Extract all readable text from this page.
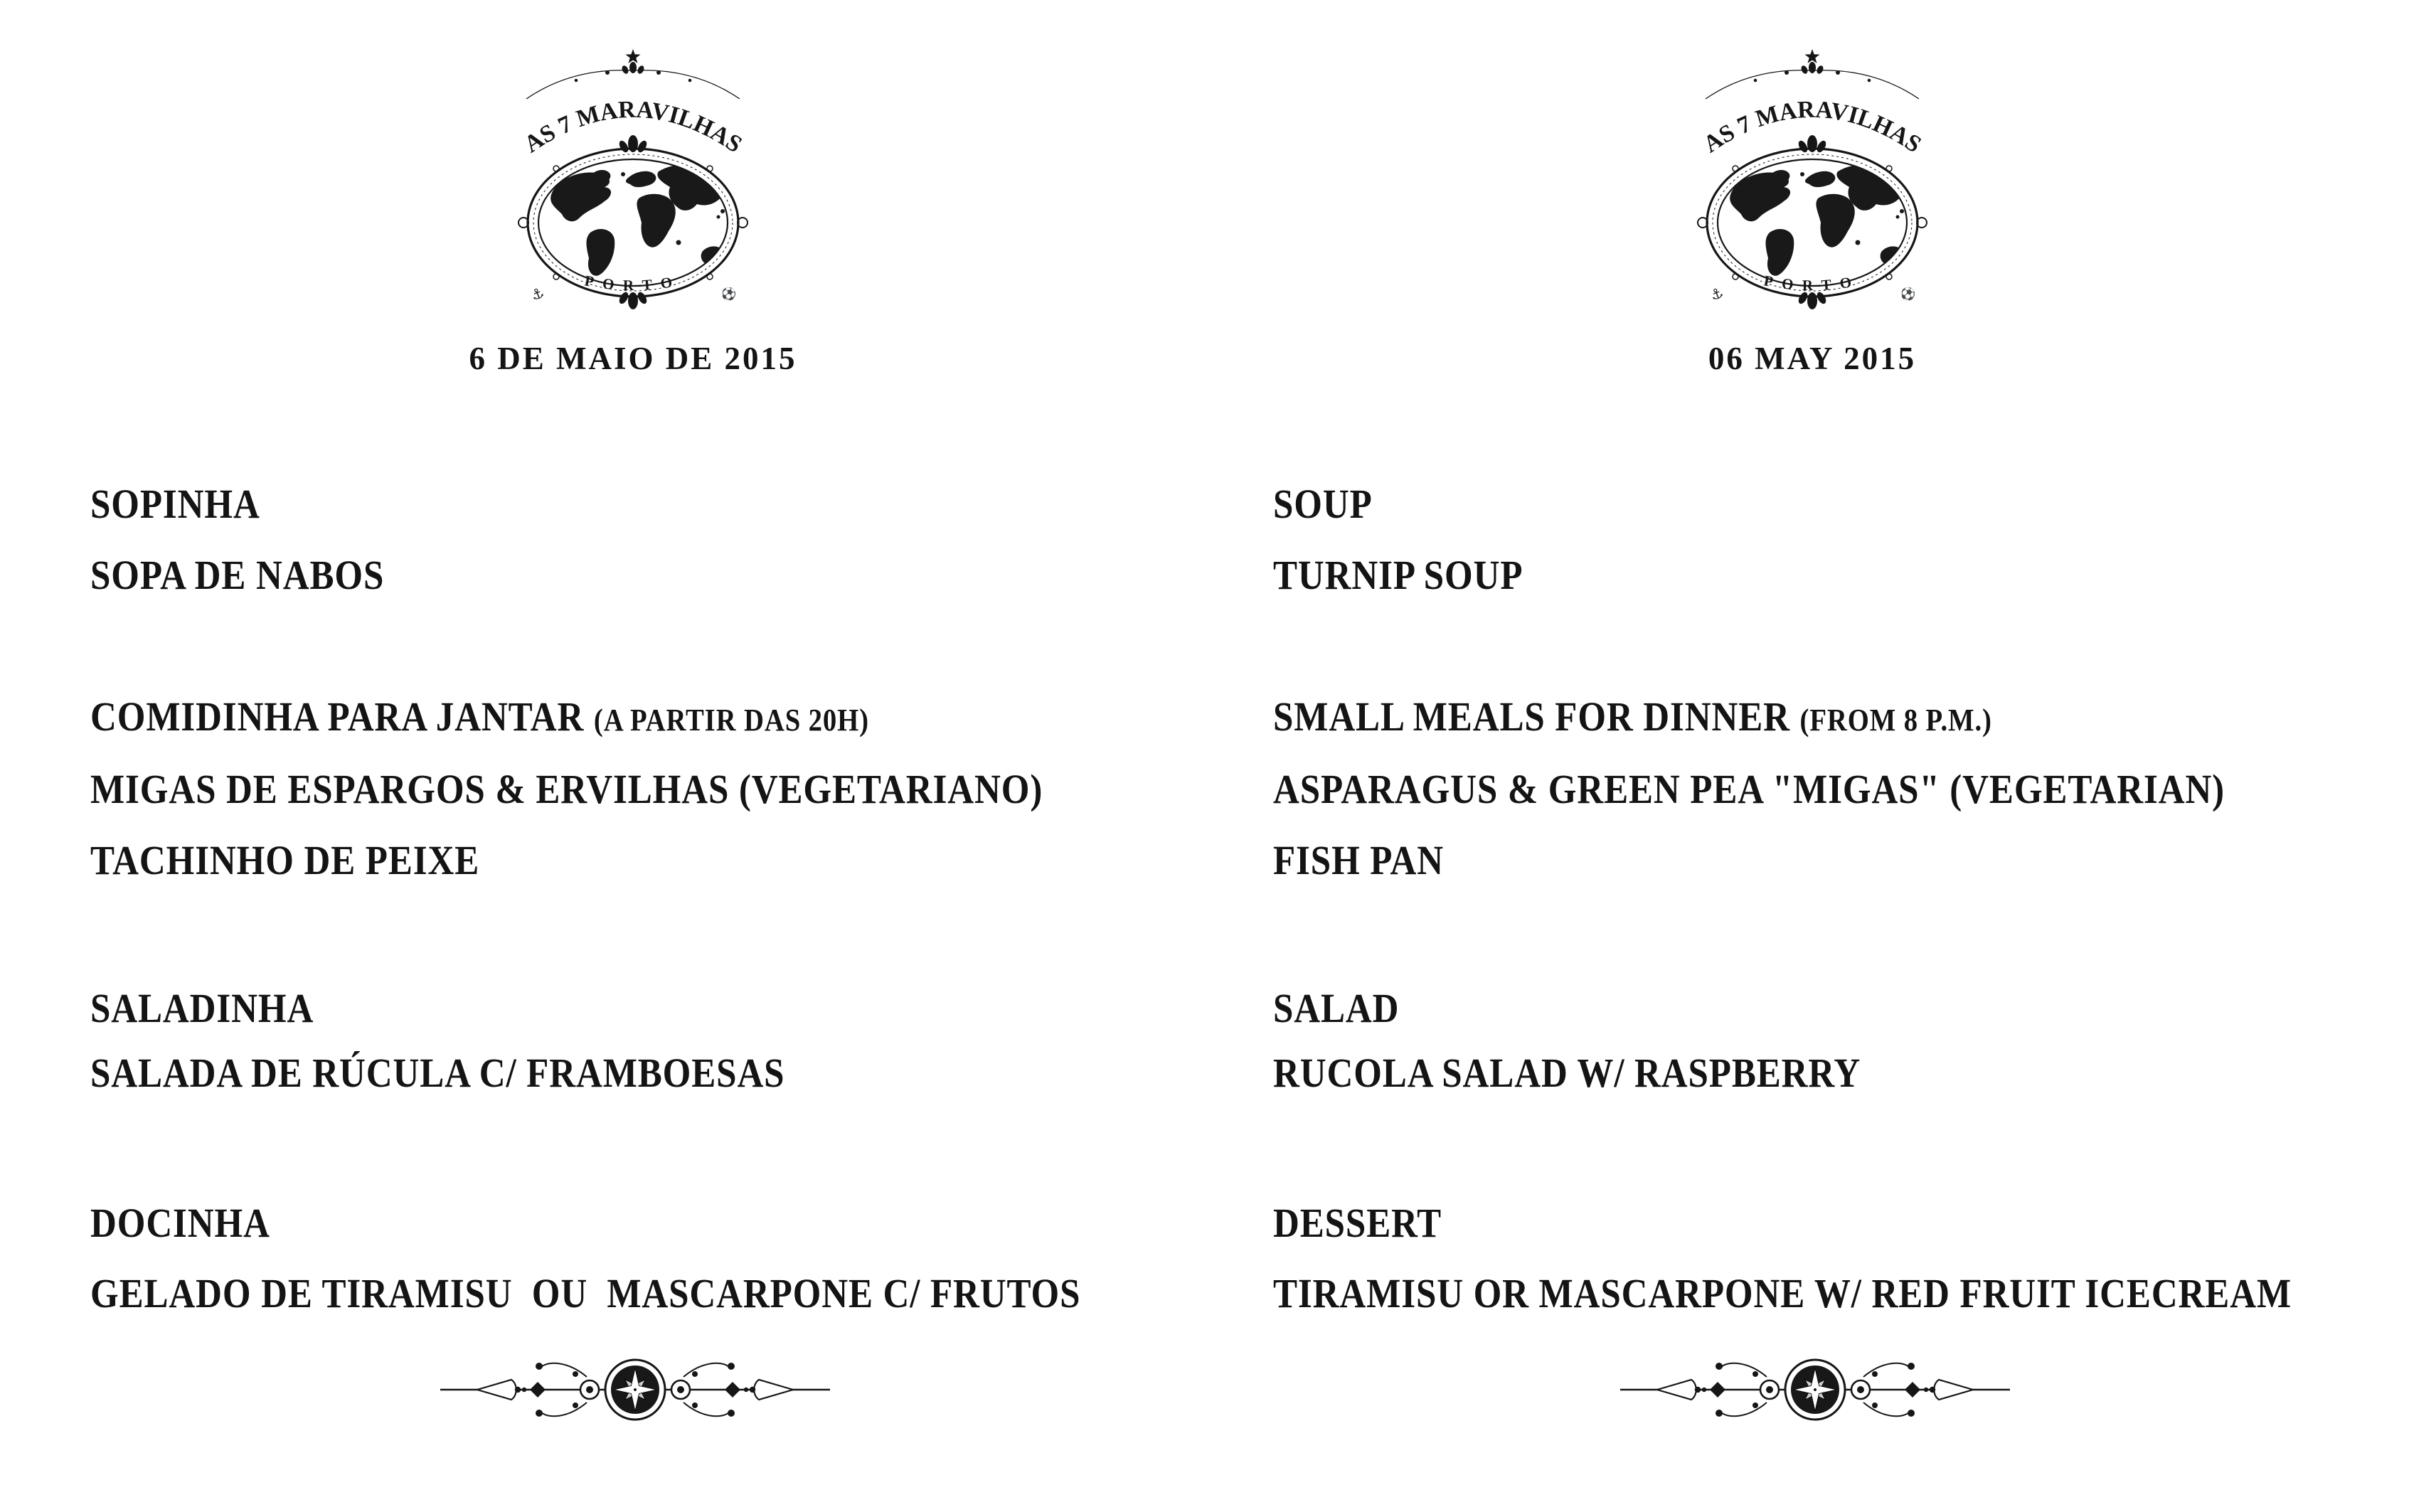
AS 7 MARAVILHAS
PORTO
⚓	⚽
6 DE MAIO DE 2015
SOPINHA
SOPA DE NABOS
COMIDINHA PARA JANTAR (A PARTIR DAS 20H)
MIGAS DE ESPARGOS & ERVILHAS (VEGETARIANO)
TACHINHO DE PEIXE
SALADINHA
SALADA DE RÚCULA C/ FRAMBOESAS
DOCINHA
GELADO DE TIRAMISU  OU  MASCARPONE C/ FRUTOS
AS 7 MARAVILHAS
PORTO
⚓	⚽
06 MAY 2015
SOUP
TURNIP SOUP
SMALL MEALS FOR DINNER (FROM 8 P.M.)
ASPARAGUS & GREEN PEA "MIGAS" (VEGETARIAN)
FISH PAN
SALAD
RUCOLA SALAD W/ RASPBERRY
DESSERT
TIRAMISU OR MASCARPONE W/ RED FRUIT ICECREAM
